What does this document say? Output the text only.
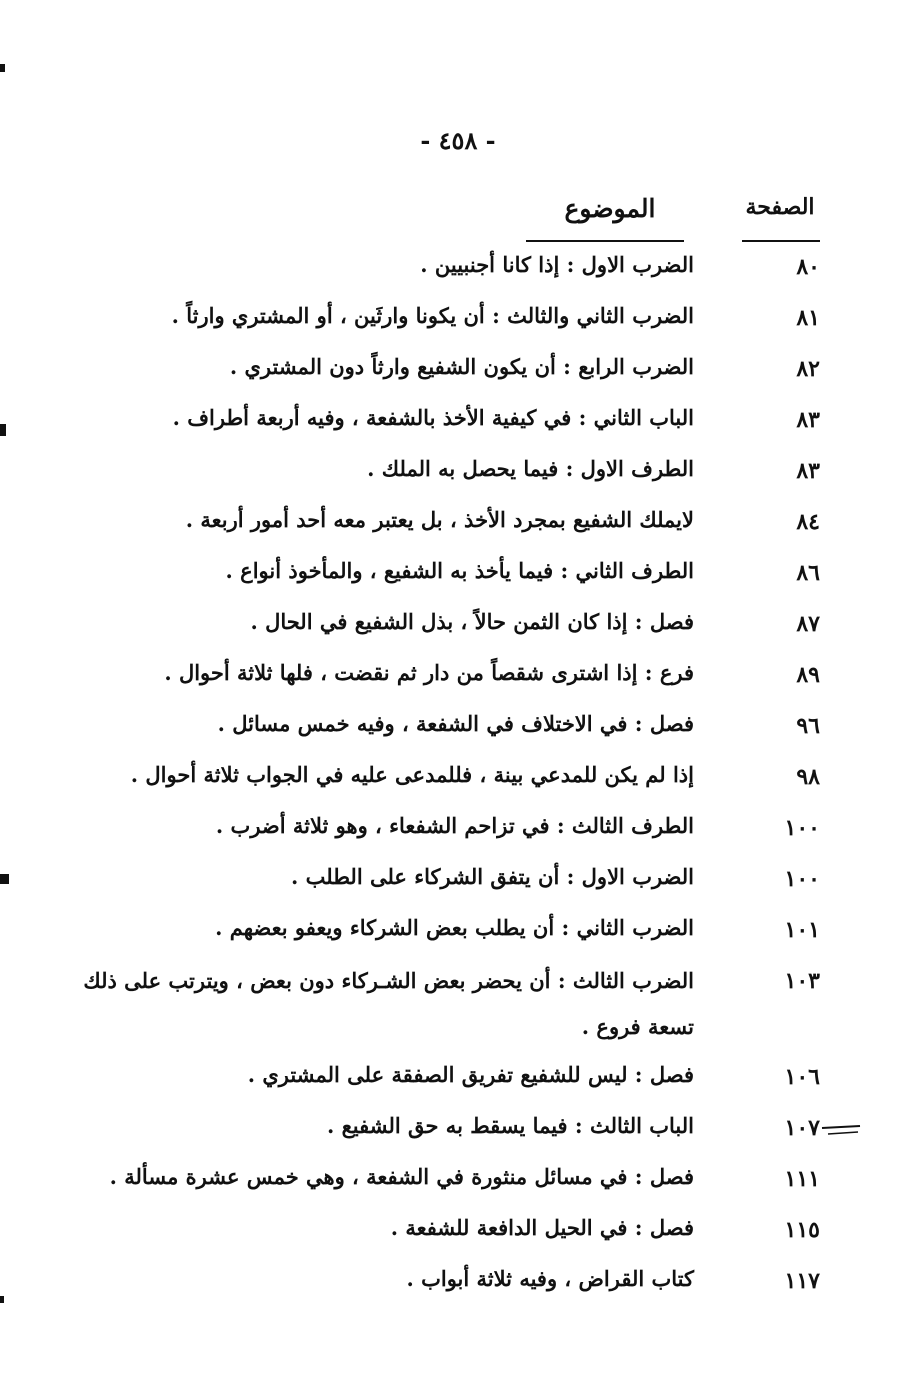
- ٤٥٨ -
الصفحة
الموضوع
٨٠
الضرب الاول : إذا كانا أجنبيين .
٨١
الضرب الثاني والثالث : أن يكونا وارثَين ، أو المشتري وارثاً .
٨٢
الضرب الرابع : أن يكون الشفيع وارثاً دون المشتري .
٨٣
الباب الثاني : في كيفية الأخذ بالشفعة ، وفيه أربعة أطراف .
٨٣
الطرف الاول : فيما يحصل به الملك .
٨٤
لايملك الشفيع بمجرد الأخذ ، بل يعتبر معه أحد أمور أربعة .
٨٦
الطرف الثاني : فيما يأخذ به الشفيع ، والمأخوذ أنواع .
٨٧
فصل : إذا كان الثمن حالاً ، بذل الشفيع في الحال .
٨٩
فرع : إذا اشترى شقصاً من دار ثم نقضت ، فلها ثلاثة أحوال .
٩٦
فصل : في الاختلاف في الشفعة ، وفيه خمس مسائل .
٩٨
إذا لم يكن للمدعي بينة ، فللمدعى عليه في الجواب ثلاثة أحوال .
١٠٠
الطرف الثالث : في تزاحم الشفعاء ، وهو ثلاثة أضرب .
١٠٠
الضرب الاول : أن يتفق الشركاء على الطلب .
١٠١
الضرب الثاني : أن يطلب بعض الشركاء ويعفو بعضهم .
١٠٣
الضرب الثالث : أن يحضر بعض الشـركاء دون بعض ، ويترتب على ذلك تسعة فروع .
١٠٦
فصل : ليس للشفيع تفريق الصفقة على المشتري .
١٠٧
الباب الثالث : فيما يسقط به حق الشفيع .
١١١
فصل : في مسائل منثورة في الشفعة ، وهي خمس عشرة مسألة .
١١٥
فصل : في الحيل الدافعة للشفعة .
١١٧
كتاب القراض ، وفيه ثلاثة أبواب .
